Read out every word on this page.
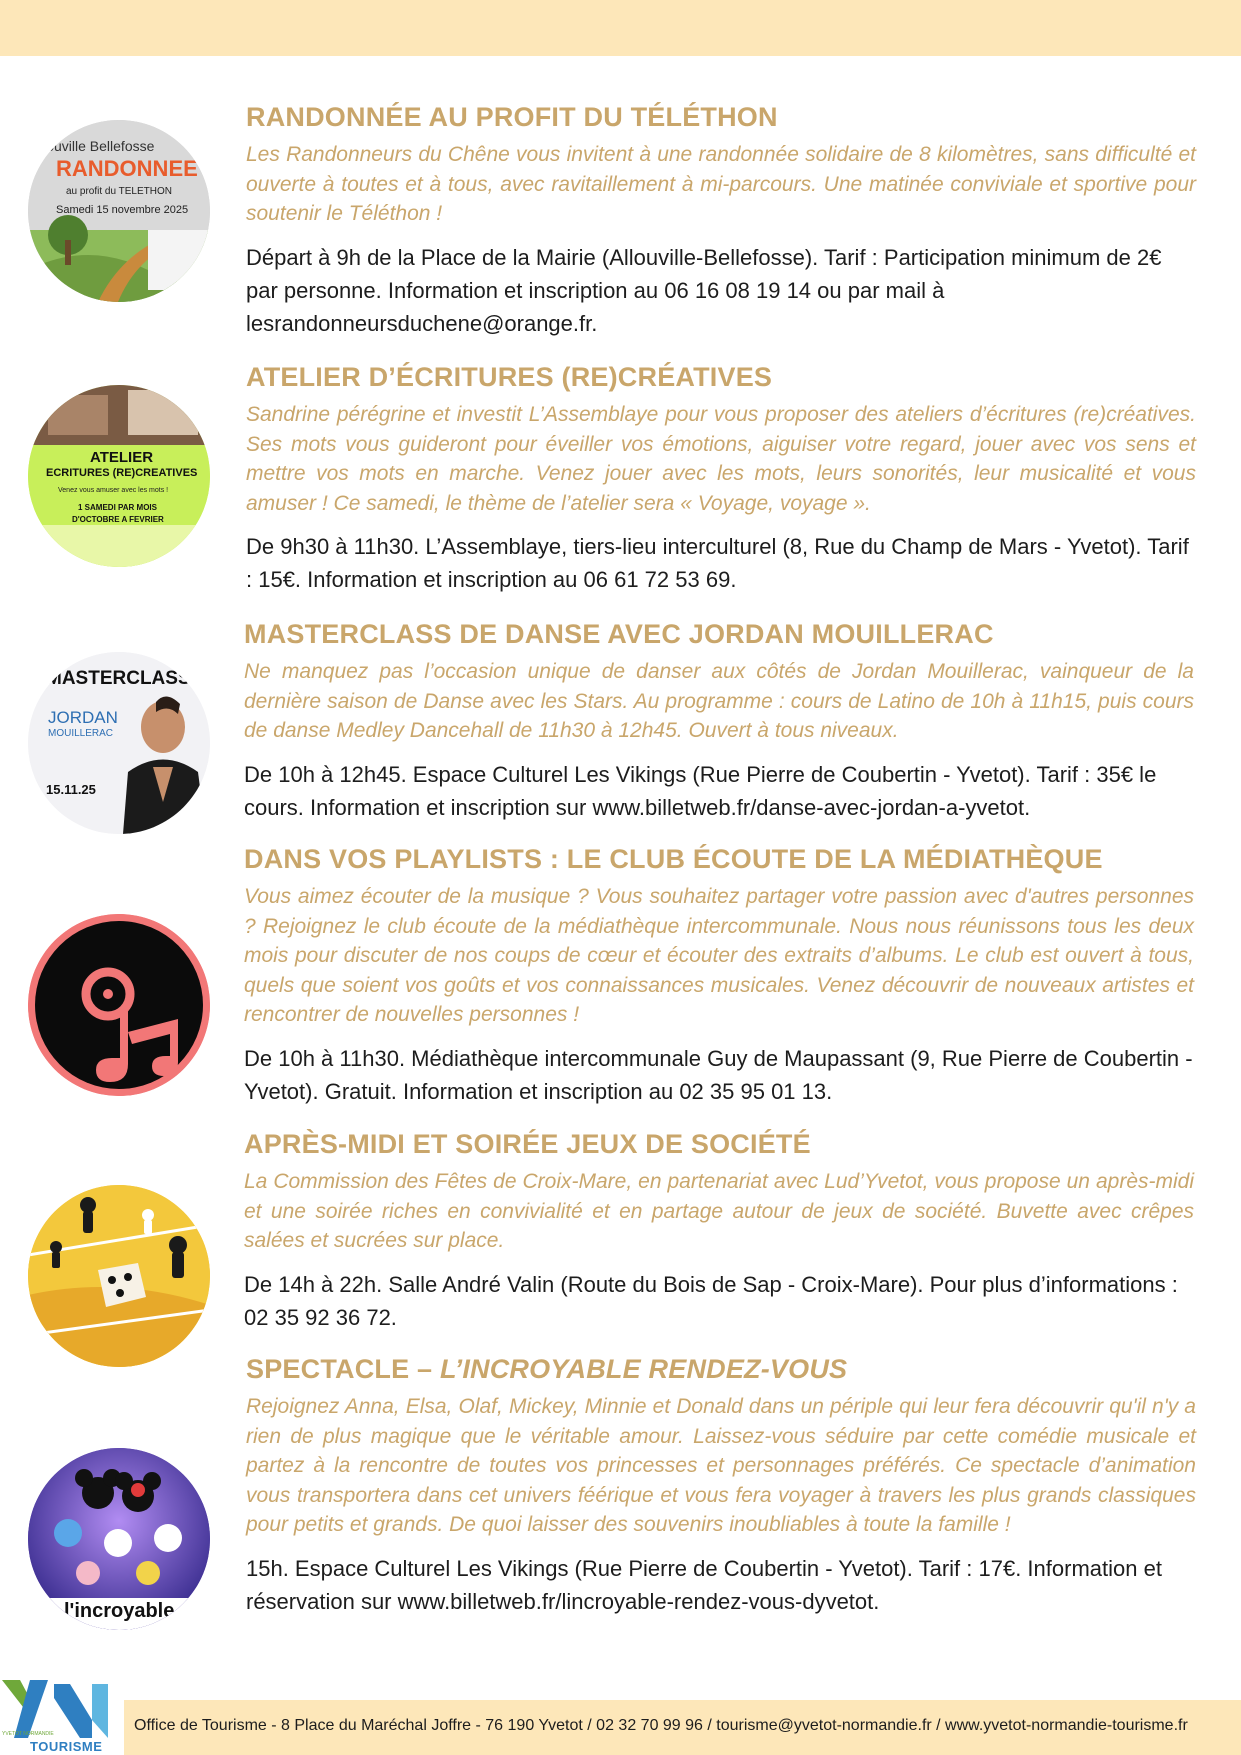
llouville Bellefosse
RANDONNEE
au profit du TELETHON
Samedi 15 novembre 2025
RANDONNÉE AU PROFIT DU TÉLÉTHON

Les Randonneurs du Chêne vous invitent à une randonnée solidaire de 8 kilomètres, sans difficulté et ouverte à toutes et à tous, avec ravitaillement à mi-parcours. Une matinée conviviale et sportive pour soutenir le Téléthon !

Départ à 9h de la Place de la Mairie (Allouville-Bellefosse). Tarif : Participation minimum de 2€ par personne. Information et inscription au 06 16 08 19 14 ou par mail à lesrandonneursduchene@orange.fr.

ATELIER
ECRITURES (RE)CREATIVES
Venez vous amuser avec les mots !
1 SAMEDI PAR MOIS
D'OCTOBRE A FEVRIER
ATELIER D’ÉCRITURES (RE)CRÉATIVES

Sandrine pérégrine et investit L’Assemblaye pour vous proposer des ateliers d’écritures (re)créatives. Ses mots vous guideront pour éveiller vos émotions, aiguiser votre regard, jouer avec vos sens et mettre vos mots en marche. Venez jouer avec les mots, leurs sonorités, leur musicalité et vous amuser ! Ce samedi, le thème de l’atelier sera « Voyage, voyage ».

De 9h30 à 11h30. L’Assemblaye, tiers-lieu interculturel (8, Rue du Champ de Mars - Yvetot). Tarif : 15€. Information et inscription au 06 61 72 53 69.

MASTERCLASS
JORDAN
MOUILLERAC
15.11.25
MASTERCLASS DE DANSE AVEC JORDAN MOUILLERAC

Ne manquez pas l’occasion unique de danser aux côtés de Jordan Mouillerac, vainqueur de la dernière saison de Danse avec les Stars. Au programme : cours de Latino de 10h à 11h15, puis cours de danse Medley Dancehall de 11h30 à 12h45. Ouvert à tous niveaux.

De 10h à 12h45. Espace Culturel Les Vikings (Rue Pierre de Coubertin - Yvetot). Tarif : 35€ le cours. Information et inscription sur www.billetweb.fr/danse-avec-jordan-a-yvetot.

DANS VOS PLAYLISTS : LE CLUB ÉCOUTE DE LA MÉDIATHÈQUE

Vous aimez écouter de la musique ? Vous souhaitez partager votre passion avec d'autres personnes ? Rejoignez le club écoute de la médiathèque intercommunale. Nous nous réunissons tous les deux mois pour discuter de nos coups de cœur et écouter des extraits d’albums. Le club est ouvert à tous, quels que soient vos goûts et vos connaissances musicales. Venez découvrir de nouveaux artistes et rencontrer de nouvelles personnes !

De 10h à 11h30. Médiathèque intercommunale Guy de Maupassant (9, Rue Pierre de Coubertin - Yvetot). Gratuit. Information et inscription au 02 35 95 01 13.

APRÈS-MIDI ET SOIRÉE JEUX DE SOCIÉTÉ

La Commission des Fêtes de Croix-Mare, en partenariat avec Lud’Yvetot, vous propose un après-midi et une soirée riches en convivialité et en partage autour de jeux de société. Buvette avec crêpes salées et sucrées sur place.

De 14h à 22h. Salle André Valin (Route du Bois de Sap - Croix-Mare). Pour plus d’informations : 02 35 92 36 72.

l'incroyable
SPECTACLE – L’INCROYABLE RENDEZ-VOUS

Rejoignez Anna, Elsa, Olaf, Mickey, Minnie et Donald dans un périple qui leur fera découvrir qu'il n'y a rien de plus magique que le véritable amour. Laissez-vous séduire par cette comédie musicale et partez à la rencontre de toutes vos princesses et personnages préférés. Ce spectacle d’animation vous transportera dans cet univers féérique et vous fera voyager à travers les plus grands classiques pour petits et grands. De quoi laisser des souvenirs inoubliables à toute la famille !

15h. Espace Culturel Les Vikings (Rue Pierre de Coubertin - Yvetot). Tarif : 17€. Information et réservation sur www.billetweb.fr/lincroyable-rendez-vous-dyvetot.

YVETOT NORMANDIE
TOURISME
Office de Tourisme - 8 Place du Maréchal Joffre - 76 190 Yvetot / 02 32 70 99 96 / tourisme@yvetot-normandie.fr / www.yvetot-normandie-tourisme.fr
